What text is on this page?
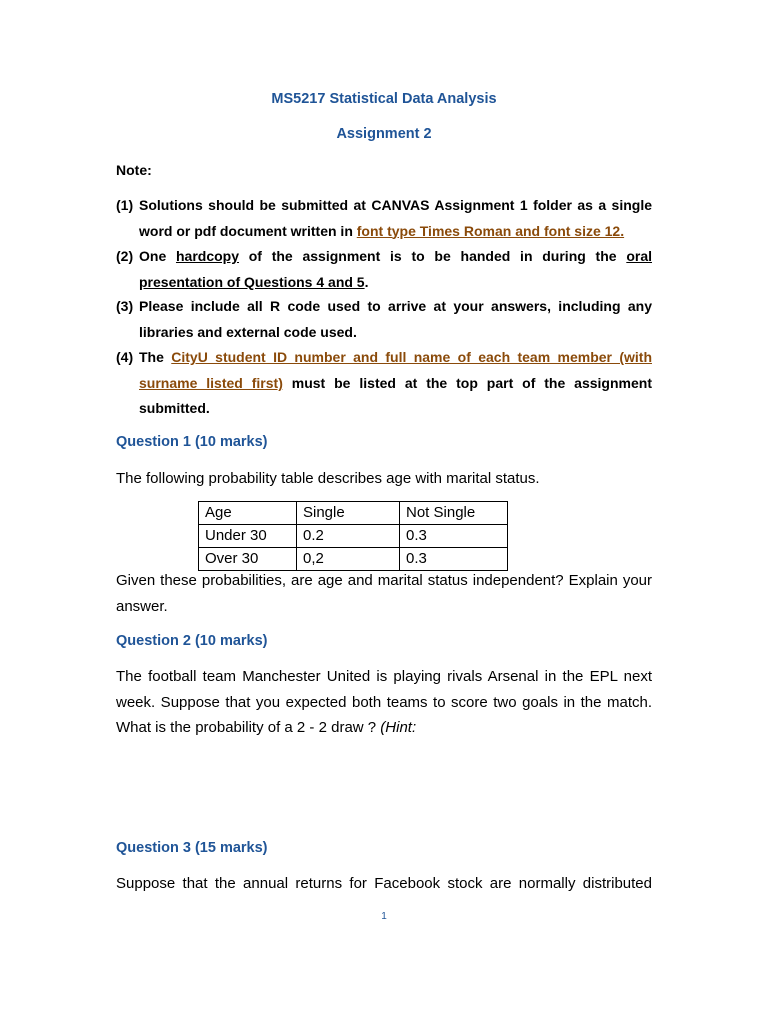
MS5217 Statistical Data Analysis
Assignment 2
Note:
(1) Solutions should be submitted at CANVAS Assignment 1 folder as a single word or pdf document written in font type Times Roman and font size 12.
(2) One hardcopy of the assignment is to be handed in during the oral presentation of Questions 4 and 5.
(3) Please include all R code used to arrive at your answers, including any libraries and external code used.
(4) The CityU student ID number and full name of each team member (with surname listed first) must be listed at the top part of the assignment submitted.
Question 1 (10 marks)
The following probability table describes age with marital status.
Age	Single	Not Single
Under 30	0.2	0.3
Over 30	0,2	0.3
Given these probabilities, are age and marital status independent? Explain your answer.
Question 2 (10 marks)
The football team Manchester United is playing rivals Arsenal in the EPL next week. Suppose that you expected both teams to score two goals in the match. What is the probability of a 2 - 2 draw ? (Hint:
Question 3 (15 marks)
Suppose that the annual returns for Facebook stock are normally distributed
1
